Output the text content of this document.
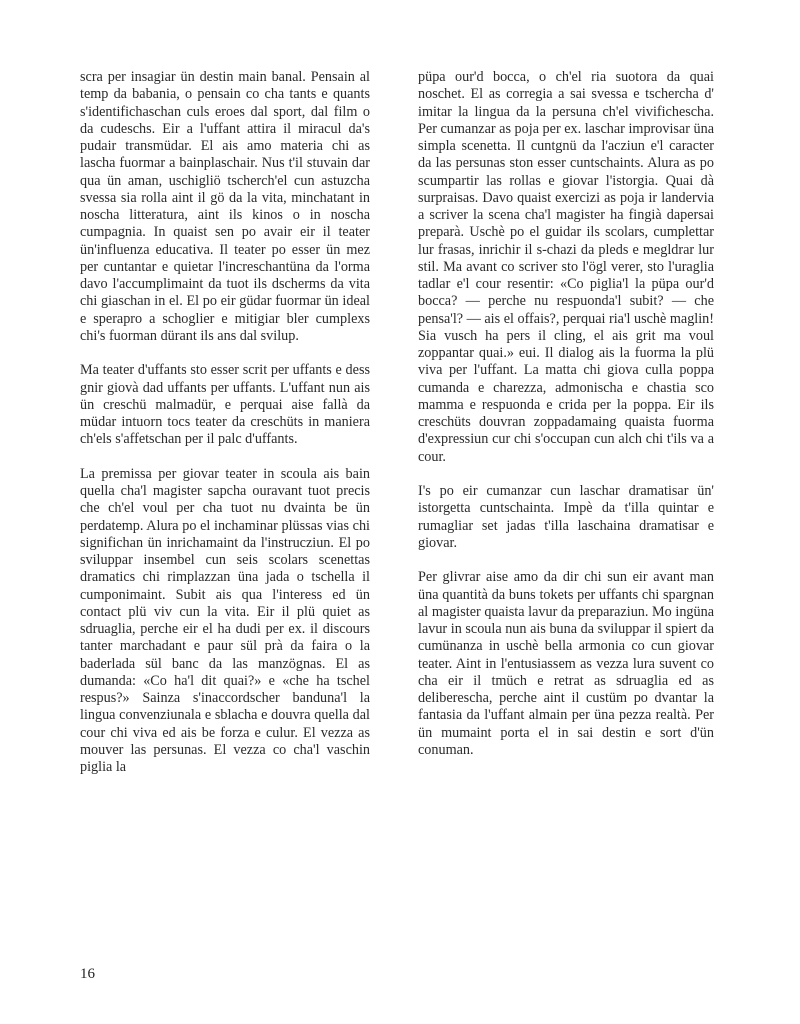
scra per insagiar ün destin main banal. Pensain al temp da babania, o pensain co cha tants e quants s'identifichaschan culs eroes dal sport, dal film o da cudeschs. Eir a l'uffant attira il miracul da's pudair transmüdar. El ais amo materia chi as lascha fuormar a bainplaschair. Nus t'il stuvain dar qua ün aman, uschigliö tscherch'el cun astuzcha svessa sia rolla aint il gö da la vita, minchatant in noscha litteratura, aint ils kinos o in noscha cumpagnia. In quaist sen po avair eir il teater ün'influenza educativa. Il teater po esser ün mez per cuntantar e quietar l'increschantüna da l'orma davo l'accumplimaint da tuot ils dscherms da vita chi giaschan in el. El po eir güdar fuormar ün ideal e sperapro a schoglier e mitigiar bler cumplexs chi's fuorman dürant ils ans dal svilup.

Ma teater d'uffants sto esser scrit per uffants e dess gnir giovà dad uffants per uffants. L'uffant nun ais ün creschü malmadür, e perquai aise fallà da müdar intuorn tocs teater da creschüts in maniera ch'els s'affetschan per il palc d'uffants.

La premissa per giovar teater in scoula ais bain quella cha'l magister sapcha ouravant tuot precis che ch'el voul per cha tuot nu dvainta be ün perdatemp. Alura po el inchaminar plüssas vias chi significhan ün inrichamaint da l'instrucziun. El po sviluppar insembel cun seis scolars scenettas dramatics chi rimplazzan üna jada o tschella il cumponimaint. Subit ais qua l'interess ed ün contact plü viv cun la vita. Eir il plü quiet as sdruaglia, perche eir el ha dudi per ex. il discours tanter marchadant e paur sül prà da faira o la baderlada sül banc da las manzögnas. El as dumanda: «Co ha'l dit quai?» e «che ha tschel respus?» Sainza s'inaccordscher banduna'l la lingua convenziunala e sblacha e douvra quella dal cour chi viva ed ais be forza e culur. El vezza as mouver las persunas. El vezza co cha'l vaschin piglia la

püpa our'd bocca, o ch'el ria suotora da quai noschet. El as corregia a sai svessa e tschercha d' imitar la lingua da la persuna ch'el vivifichescha. Per cumanzar as poja per ex. laschar improvisar üna simpla scenetta. Il cuntgnü da l'acziun e'l caracter da las persunas ston esser cuntschaints. Alura as po scumpartir las rollas e giovar l'istorgia. Quai dà surpraisas. Davo quaist exercizi as poja ir landervia a scriver la scena cha'l magister ha fingià dapersai preparà. Uschè po el guidar ils scolars, cumplettar lur frasas, inrichir il s-chazi da pleds e megldrar lur stil. Ma avant co scriver sto l'ögl verer, sto l'uraglia tadlar e'l cour resentir: «Co piglia'l la püpa our'd bocca? — perche nu respuonda'l subit? — che pensa'l? — ais el offais?, perquai ria'l uschè maglin! Sia vusch ha pers il cling, el ais grit ma voul zoppantar quai.» eui. Il dialog ais la fuorma la plü viva per l'uffant. La matta chi giova culla poppa cumanda e charezza, admonischa e chastia sco mamma e respuonda e crida per la poppa. Eir ils creschüts douvran zoppadamaing quaista fuorma d'expressiun cur chi s'occupan cun alch chi t'ils va a cour.

I's po eir cumanzar cun laschar dramatisar ün' istorgetta cuntschainta. Impè da t'illa quintar e rumagliar set jadas t'illa laschaina dramatisar e giovar.

Per glivrar aise amo da dir chi sun eir avant man üna quantità da buns tokets per uffants chi spargnan al magister quaista lavur da preparaziun. Mo ingüna lavur in scoula nun ais buna da sviluppar il spiert da cumünanza in uschè bella armonia co cun giovar teater. Aint in l'entusiassem as vezza lura suvent co cha eir il tmüch e retrat as sdruaglia ed as deliberescha, perche aint il custüm po dvantar la fantasia da l'uffant almain per üna pezza realtà. Per ün mumaint porta el in sai destin e sort d'ün conuman.

16
